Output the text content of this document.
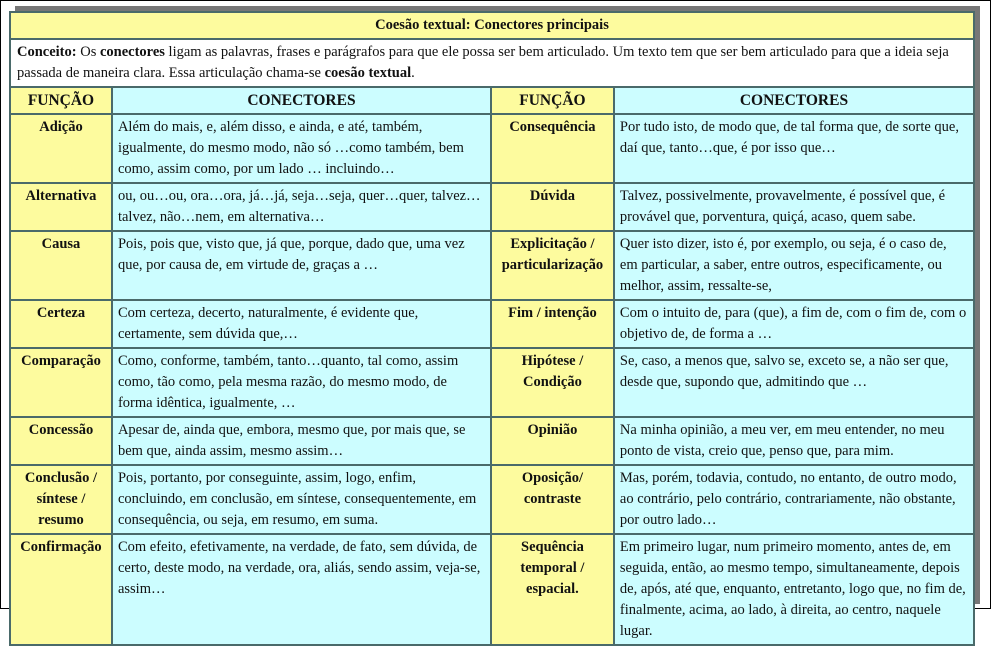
Coesão textual: Conectores principais			
Conceito: Os conectores ligam as palavras, frases e parágrafos para que ele possa ser bem articulado. Um texto tem que ser bem articulado para que a ideia seja passada de maneira clara. Essa articulação chama-se coesão textual.			
FUNÇÃO	CONECTORES	FUNÇÃO	CONECTORES
Adição	Além do mais, e, além disso, e ainda, e até, também, igualmente, do mesmo modo, não só …como também, bem como, assim como, por um lado … incluindo…	Consequência	Por tudo isto, de modo que, de tal forma que, de sorte que, daí que, tanto…que, é por isso que…
Alternativa	ou, ou…ou, ora…ora, já…já, seja…seja, quer…quer, talvez…talvez, não…nem, em alternativa…	Dúvida	Talvez, possivelmente, provavelmente, é possível que, é provável que, porventura, quiçá, acaso, quem sabe.
Causa	Pois, pois que, visto que, já que, porque, dado que, uma vez que, por causa de, em virtude de, graças a …	Explicitação / particularização	Quer isto dizer, isto é, por exemplo, ou seja, é o caso de, em particular, a saber, entre outros, especificamente, ou melhor, assim, ressalte-se,
Certeza	Com certeza, decerto, naturalmente, é evidente que, certamente, sem dúvida que,…	Fim / intenção	Com o intuito de, para (que), a fim de, com o fim de, com o objetivo de, de forma a …
Comparação	Como, conforme, também, tanto…quanto, tal como, assim como, tão como, pela mesma razão, do mesmo modo, de forma idêntica, igualmente, …	Hipótese / Condição	Se, caso, a menos que, salvo se, exceto se, a não ser que, desde que, supondo que, admitindo que …
Concessão	Apesar de, ainda que, embora, mesmo que, por mais que, se bem que, ainda assim, mesmo assim…	Opinião	Na minha opinião, a meu ver, em meu entender, no meu ponto de vista, creio que, penso que, para mim.
Conclusão / síntese / resumo	Pois, portanto, por conseguinte, assim, logo, enfim, concluindo, em conclusão, em síntese, consequentemente, em consequência, ou seja, em resumo, em suma.	Oposição/ contraste	Mas, porém, todavia, contudo, no entanto, de outro modo, ao contrário, pelo contrário, contrariamente, não obstante, por outro lado…
Confirmação	Com efeito, efetivamente, na verdade, de fato, sem dúvida, de certo, deste modo, na verdade, ora, aliás, sendo assim, veja-se, assim…	Sequência temporal / espacial.	Em primeiro lugar, num primeiro momento, antes de, em seguida, então, ao mesmo tempo, simultaneamente, depois de, após, até que, enquanto, entretanto, logo que, no fim de, finalmente, acima, ao lado, à direita, ao centro, naquele lugar.
